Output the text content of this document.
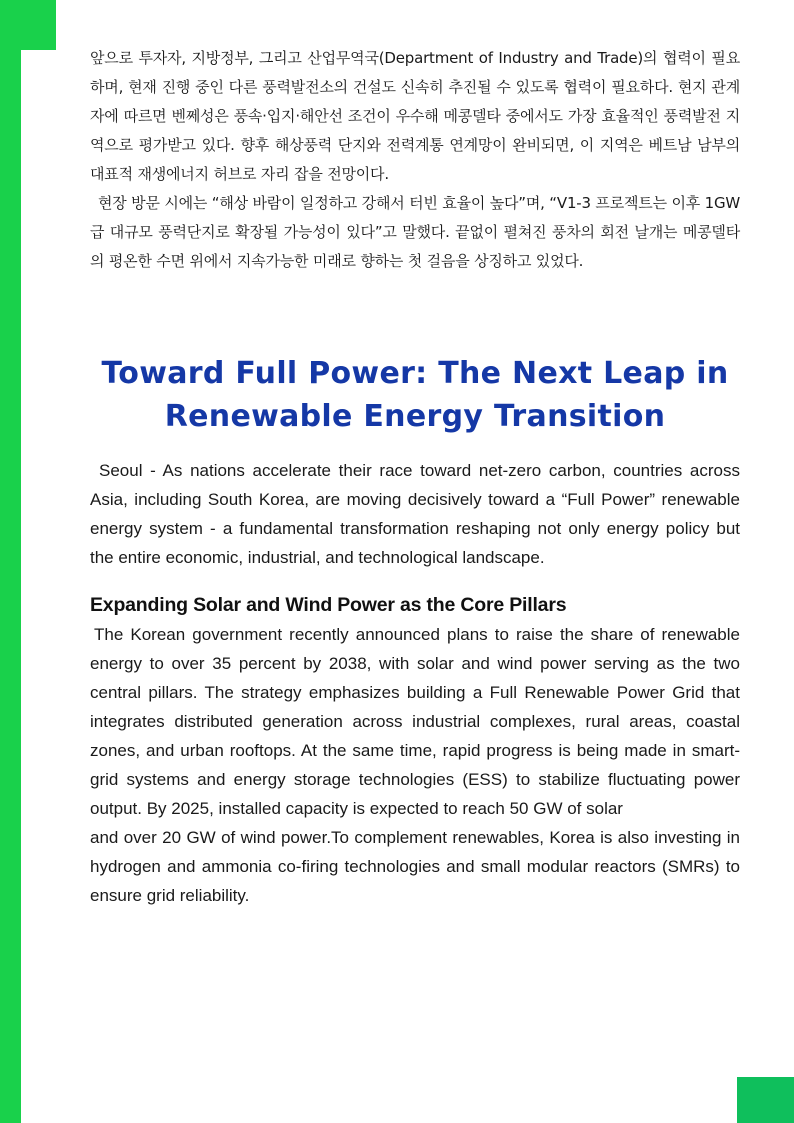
앞으로 투자자, 지방정부, 그리고 산업무역국(Department of Industry and Trade)의 협력이 필요하며, 현재 진행 중인 다른 풍력발전소의 건설도 신속히 추진될 수 있도록 협력이 필요하다. 현지 관계자에 따르면 벤쩨성은 풍속·입지·해안선 조건이 우수해 메콩델타 중에서도 가장 효율적인 풍력발전 지역으로 평가받고 있다. 향후 해상풍력 단지와 전력계통 연계망이 완비되면, 이 지역은 베트남 남부의 대표적 재생에너지 허브로 자리 잡을 전망이다.

현장 방문 시에는 “해상 바람이 일정하고 강해서 터빈 효율이 높다”며, “V1-3 프로젝트는 이후 1GW급 대규모 풍력단지로 확장될 가능성이 있다”고 말했다. 끝없이 펼쳐진 풍차의 회전 날개는 메콩델타의 평온한 수면 위에서 지속가능한 미래로 향하는 첫 걸음을 상징하고 있었다.

Toward Full Power: The Next Leap in Renewable Energy Transition

Seoul - As nations accelerate their race toward net-zero carbon, countries across Asia, including South Korea, are moving decisively toward a “Full Power” renewable energy system - a fundamental transformation reshaping not only energy policy but the entire economic, industrial, and technological landscape.

Expanding Solar and Wind Power as the Core Pillars

The Korean government recently announced plans to raise the share of renewable energy to over 35 percent by 2038, with solar and wind power serving as the two central pillars. The strategy emphasizes building a Full Renewable Power Grid that integrates distributed generation across industrial complexes, rural areas, coastal zones, and urban rooftops. At the same time, rapid progress is being made in smart-grid systems and energy storage technologies (ESS) to stabilize fluctuating power output. By 2025, installed capacity is expected to reach 50 GW of solar

and over 20 GW of wind power.To complement renewables, Korea is also investing in hydrogen and ammonia co-firing technologies and small modular reactors (SMRs) to ensure grid reliability.
